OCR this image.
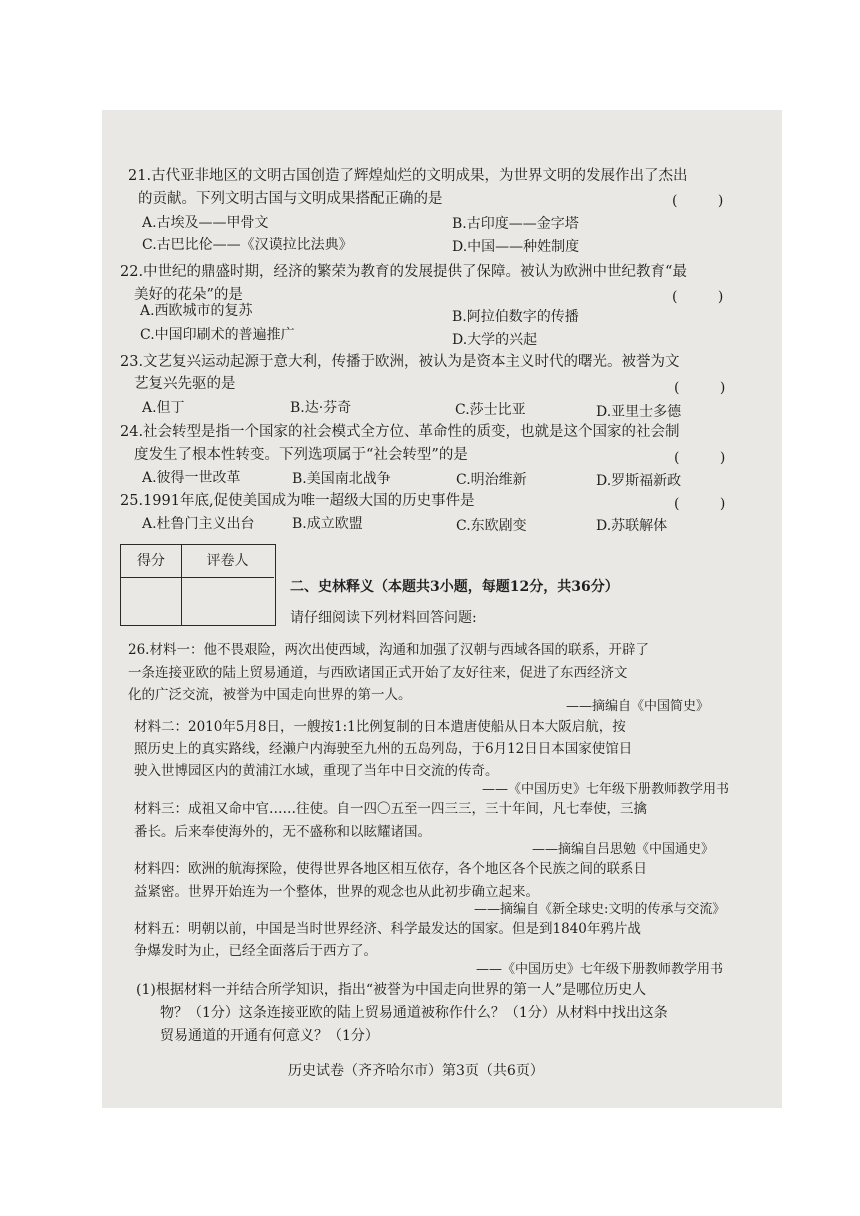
21.古代亚非地区的文明古国创造了辉煌灿烂的文明成果，为世界文明的发展作出了杰出
的贡献。下列文明古国与文明成果搭配正确的是	( )
A.古埃及——甲骨文	B.古印度——金字塔
C.古巴比伦——《汉谟拉比法典》	D.中国——种姓制度
22.中世纪的鼎盛时期，经济的繁荣为教育的发展提供了保障。被认为欧洲中世纪教育“最
美好的花朵”的是	( )
A.西欧城市的复苏	B.阿拉伯数字的传播
C.中国印刷术的普遍推广	D.大学的兴起
23.文艺复兴运动起源于意大利，传播于欧洲，被认为是资本主义时代的曙光。被誉为文
艺复兴先驱的是	( )
A.但丁	B.达·芬奇	C.莎士比亚	D.亚里士多德
24.社会转型是指一个国家的社会模式全方位、革命性的质变，也就是这个国家的社会制
度发生了根本性转变。下列选项属于“社会转型”的是	( )
A.彼得一世改革	B.美国南北战争	C.明治维新	D.罗斯福新政
25.1991年底,促使美国成为唯一超级大国的历史事件是	( )
A.杜鲁门主义出台	B.成立欧盟	C.东欧剧变	D.苏联解体
得分	评卷人
二、史林释义（本题共3小题，每题12分，共36分）
请仔细阅读下列材料回答问题:
26.材料一：他不畏艰险，两次出使西域，沟通和加强了汉朝与西域各国的联系，开辟了
一条连接亚欧的陆上贸易通道，与西欧诸国正式开始了友好往来，促进了东西经济文
化的广泛交流，被誉为中国走向世界的第一人。
——摘编自《中国简史》
材料二：2010年5月8日，一艘按1:1比例复制的日本遣唐使船从日本大阪启航，按
照历史上的真实路线，经濑户内海驶至九州的五岛列岛，于6月12日日本国家使馆日
驶入世博园区内的黄浦江水域，重现了当年中日交流的传奇。
——《中国历史》七年级下册教师教学用书
材料三：成祖又命中官……往使。自一四〇五至一四三三，三十年间，凡七奉使，三擒
番长。后来奉使海外的，无不盛称和以眩耀诸国。
——摘编自吕思勉《中国通史》
材料四：欧洲的航海探险，使得世界各地区相互依存，各个地区各个民族之间的联系日
益紧密。世界开始连为一个整体，世界的观念也从此初步确立起来。
——摘编自《新全球史:文明的传承与交流》
材料五：明朝以前，中国是当时世界经济、科学最发达的国家。但是到1840年鸦片战
争爆发时为止，已经全面落后于西方了。
——《中国历史》七年级下册教师教学用书
(1)根据材料一并结合所学知识，指出“被誉为中国走向世界的第一人”是哪位历史人
物？（1分）这条连接亚欧的陆上贸易通道被称作什么？（1分）从材料中找出这条
贸易通道的开通有何意义？（1分）
历史试卷（齐齐哈尔市）第3页（共6页）
